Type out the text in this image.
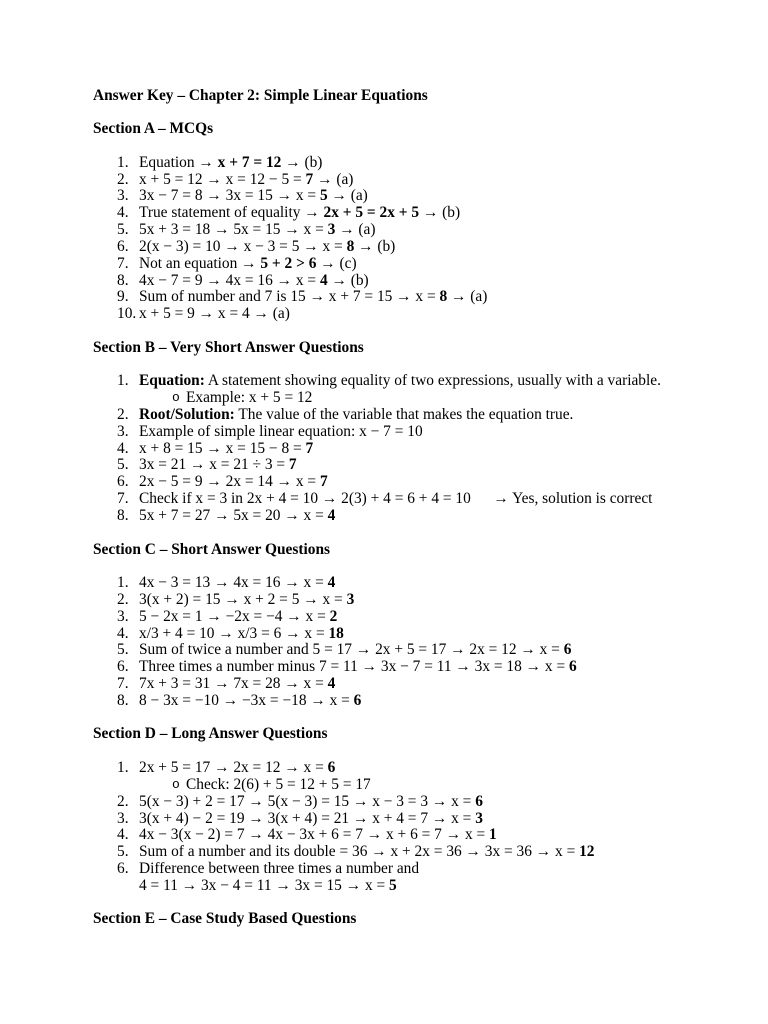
Answer Key – Chapter 2: Simple Linear Equations
Section A – MCQs
1. Equation → x + 7 = 12 → (b)
2. x + 5 = 12 → x = 12 − 5 = 7 → (a)
3. 3x − 7 = 8 → 3x = 15 → x = 5 → (a)
4. True statement of equality → 2x + 5 = 2x + 5 → (b)
5. 5x + 3 = 18 → 5x = 15 → x = 3 → (a)
6. 2(x − 3) = 10 → x − 3 = 5 → x = 8 → (b)
7. Not an equation → 5 + 2 > 6 → (c)
8. 4x − 7 = 9 → 4x = 16 → x = 4 → (b)
9. Sum of number and 7 is 15 → x + 7 = 15 → x = 8 → (a)
10. x + 5 = 9 → x = 4 → (a)
Section B – Very Short Answer Questions
1. Equation: A statement showing equality of two expressions, usually with a variable.
o Example: x + 5 = 12
2. Root/Solution: The value of the variable that makes the equation true.
3. Example of simple linear equation: x − 7 = 10
4. x + 8 = 15 → x = 15 − 8 = 7
5. 3x = 21 → x = 21 ÷ 3 = 7
6. 2x − 5 = 9 → 2x = 14 → x = 7
7. Check if x = 3 in 2x + 4 = 10 → 2(3) + 4 = 6 + 4 = 10	→ Yes, solution is correct
8. 5x + 7 = 27 → 5x = 20 → x = 4
Section C – Short Answer Questions
1. 4x − 3 = 13 → 4x = 16 → x = 4
2. 3(x + 2) = 15 → x + 2 = 5 → x = 3
3. 5 − 2x = 1 → −2x = −4 → x = 2
4. x/3 + 4 = 10 → x/3 = 6 → x = 18
5. Sum of twice a number and 5 = 17 → 2x + 5 = 17 → 2x = 12 → x = 6
6. Three times a number minus 7 = 11 → 3x − 7 = 11 → 3x = 18 → x = 6
7. 7x + 3 = 31 → 7x = 28 → x = 4
8. 8 − 3x = −10 → −3x = −18 → x = 6
Section D – Long Answer Questions
1. 2x + 5 = 17 → 2x = 12 → x = 6
o Check: 2(6) + 5 = 12 + 5 = 17
2. 5(x − 3) + 2 = 17 → 5(x − 3) = 15 → x − 3 = 3 → x = 6
3. 3(x + 4) − 2 = 19 → 3(x + 4) = 21 → x + 4 = 7 → x = 3
4. 4x − 3(x − 2) = 7 → 4x − 3x + 6 = 7 → x + 6 = 7 → x = 1
5. Sum of a number and its double = 36 → x + 2x = 36 → 3x = 36 → x = 12
6. Difference between three times a number and
4 = 11 → 3x − 4 = 11 → 3x = 15 → x = 5
Section E – Case Study Based Questions
